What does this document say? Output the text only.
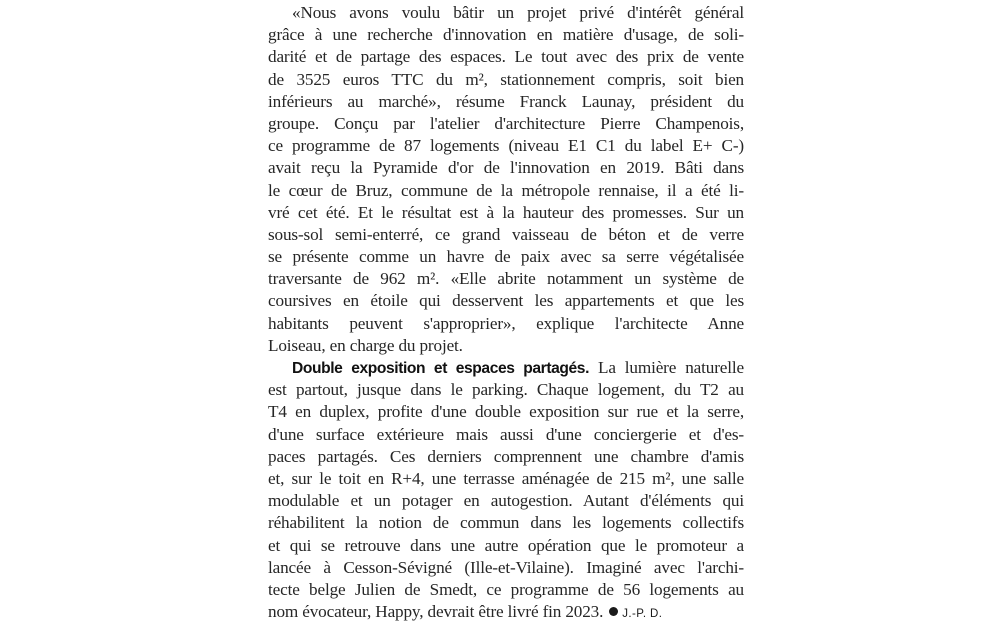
«Nous avons voulu bâtir un projet privé d'intérêt général
grâce à une recherche d'innovation en matière d'usage, de soli-
darité et de partage des espaces. Le tout avec des prix de vente
de 3525 euros TTC du m², stationnement compris, soit bien
inférieurs au marché», résume Franck Launay, président du
groupe. Conçu par l'atelier d'architecture Pierre Champenois,
ce programme de 87 logements (niveau E1 C1 du label E+ C-)
avait reçu la Pyramide d'or de l'innovation en 2019. Bâti dans
le cœur de Bruz, commune de la métropole rennaise, il a été li-
vré cet été. Et le résultat est à la hauteur des promesses. Sur un
sous-sol semi-enterré, ce grand vaisseau de béton et de verre
se présente comme un havre de paix avec sa serre végétalisée
traversante de 962 m². «Elle abrite notamment un système de
coursives en étoile qui desservent les appartements et que les
habitants peuvent s'approprier», explique l'architecte Anne
Loiseau, en charge du projet.
Double exposition et espaces partagés. La lumière naturelle
est partout, jusque dans le parking. Chaque logement, du T2 au
T4 en duplex, profite d'une double exposition sur rue et la serre,
d'une surface extérieure mais aussi d'une conciergerie et d'es-
paces partagés. Ces derniers comprennent une chambre d'amis
et, sur le toit en R+4, une terrasse aménagée de 215 m², une salle
modulable et un potager en autogestion. Autant d'éléments qui
réhabilitent la notion de commun dans les logements collectifs
et qui se retrouve dans une autre opération que le promoteur a
lancée à Cesson-Sévigné (Ille-et-Vilaine). Imaginé avec l'archi-
tecte belge Julien de Smedt, ce programme de 56 logements au
nom évocateur, Happy, devrait être livré fin 2023. J.-P. D.
